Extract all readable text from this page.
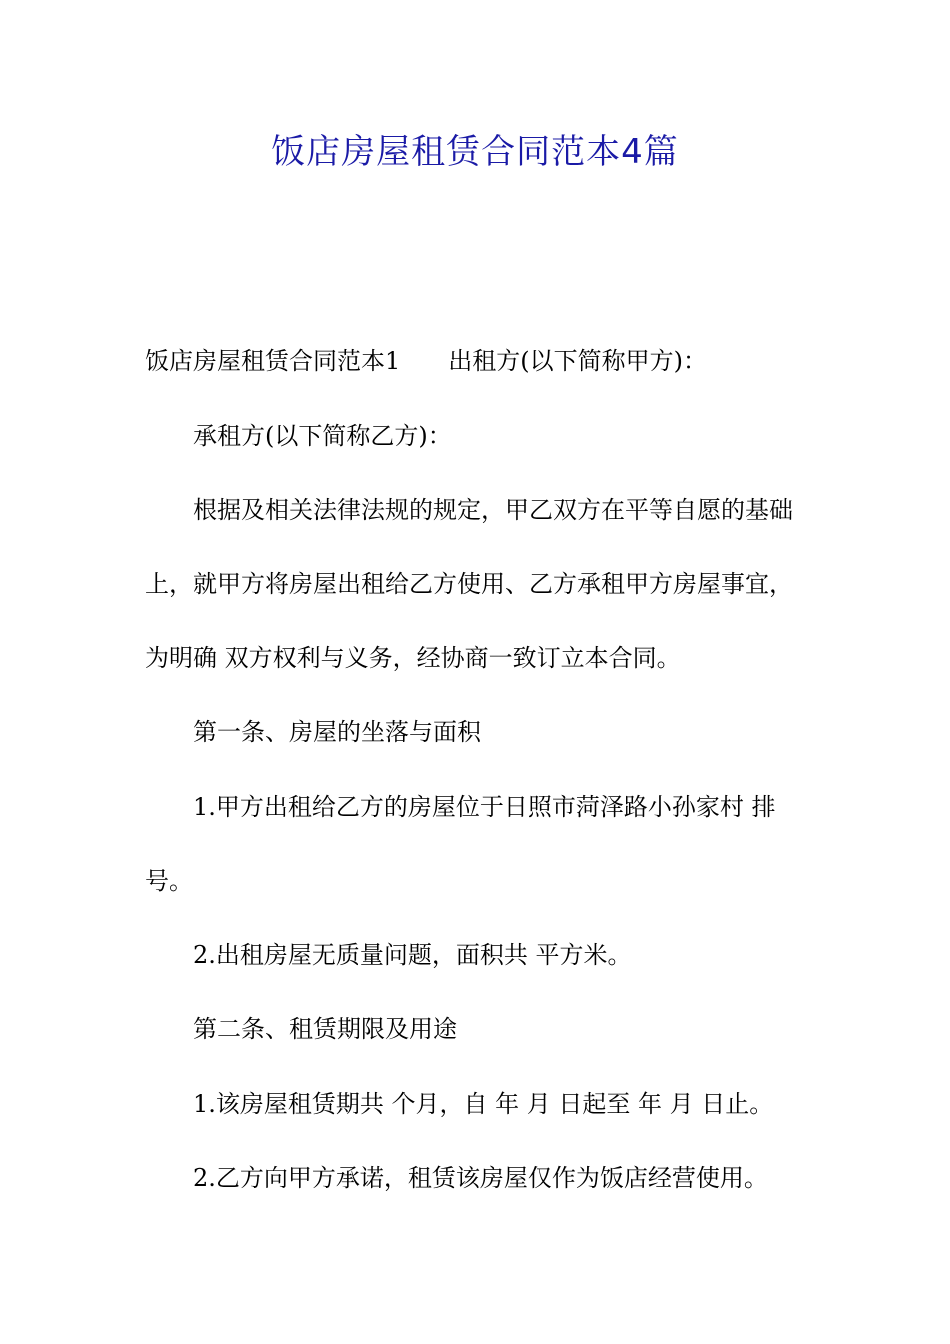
饭店房屋租赁合同范本4篇

饭店房屋租赁合同范本1 出租方(以下简称甲方)：

承租方(以下简称乙方)：

根据及相关法律法规的规定，甲乙双方在平等自愿的基础

上，就甲方将房屋出租给乙方使用、乙方承租甲方房屋事宜，

为明确 双方权利与义务，经协商一致订立本合同。

第一条、房屋的坐落与面积

1.甲方出租给乙方的房屋位于日照市菏泽路小孙家村 排

号。

2.出租房屋无质量问题，面积共 平方米。

第二条、租赁期限及用途

1.该房屋租赁期共 个月，自 年 月 日起至 年 月 日止。

2.乙方向甲方承诺，租赁该房屋仅作为饭店经营使用。
